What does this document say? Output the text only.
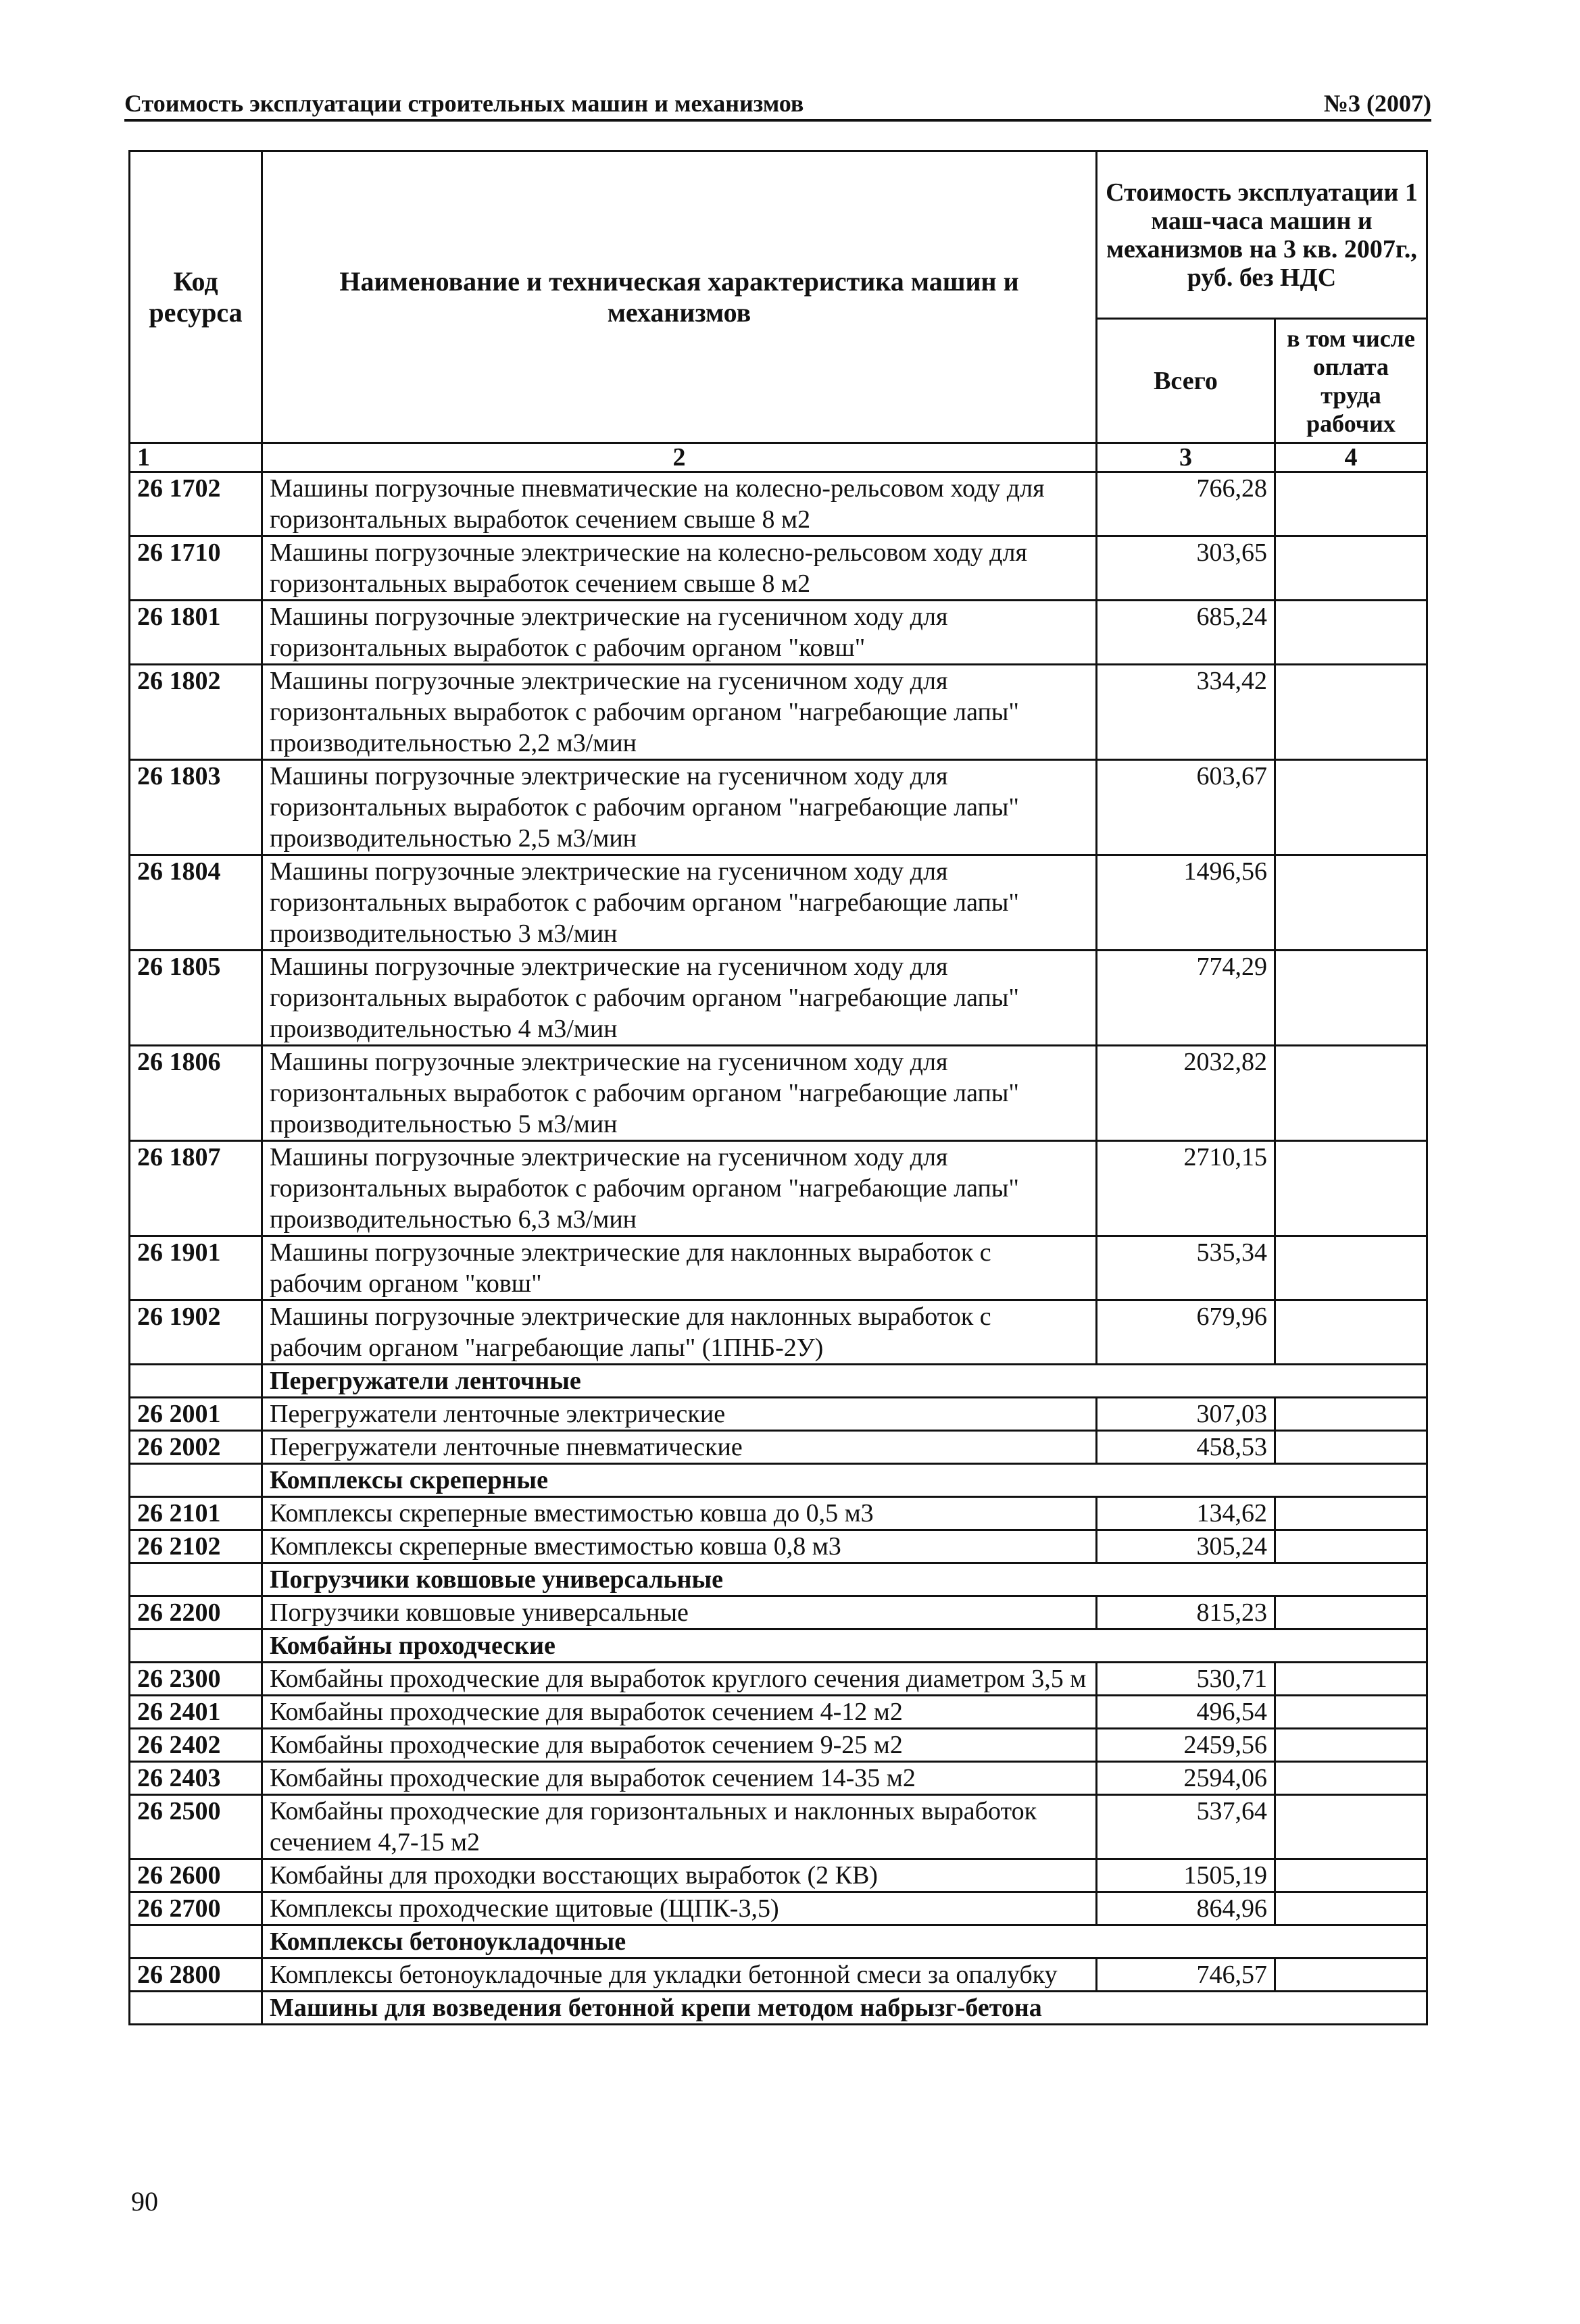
Стоимость эксплуатации строительных машин и механизмов	№3 (2007)
Код ресурса	Наименование и техническая характеристика машин и механизмов	Стоимость эксплуатации 1 маш-часа машин и механизмов на 3 кв. 2007г., руб. без НДС	
		Всего	в том числе оплата труда рабочих
1	2	3	4
26 1702	Машины погрузочные пневматические на колесно-рельсовом ходу для горизонтальных выработок сечением свыше 8 м2	766,28	
26 1710	Машины погрузочные электрические на колесно-рельсовом ходу для горизонтальных выработок сечением свыше 8 м2	303,65	
26 1801	Машины погрузочные электрические на гусеничном ходу для горизонтальных выработок с рабочим органом "ковш"	685,24	
26 1802	Машины погрузочные электрические на гусеничном ходу для горизонтальных выработок с рабочим органом "нагребающие лапы" производительностью 2,2 м3/мин	334,42	
26 1803	Машины погрузочные электрические на гусеничном ходу для горизонтальных выработок с рабочим органом "нагребающие лапы" производительностью 2,5 м3/мин	603,67	
26 1804	Машины погрузочные электрические на гусеничном ходу для горизонтальных выработок с рабочим органом "нагребающие лапы" производительностью 3 м3/мин	1496,56	
26 1805	Машины погрузочные электрические на гусеничном ходу для горизонтальных выработок с рабочим органом "нагребающие лапы" производительностью 4 м3/мин	774,29	
26 1806	Машины погрузочные электрические на гусеничном ходу для горизонтальных выработок с рабочим органом "нагребающие лапы" производительностью 5 м3/мин	2032,82	
26 1807	Машины погрузочные электрические на гусеничном ходу для горизонтальных выработок с рабочим органом "нагребающие лапы" производительностью 6,3 м3/мин	2710,15	
26 1901	Машины погрузочные электрические для наклонных выработок с рабочим органом "ковш"	535,34	
26 1902	Машины погрузочные электрические для наклонных выработок с рабочим органом "нагребающие лапы" (1ПНБ-2У)	679,96	
	Перегружатели ленточные		
26 2001	Перегружатели ленточные электрические	307,03	
26 2002	Перегружатели ленточные пневматические	458,53	
	Комплексы скреперные		
26 2101	Комплексы скреперные вместимостью ковша до 0,5 м3	134,62	
26 2102	Комплексы скреперные вместимостью ковша 0,8 м3	305,24	
	Погрузчики ковшовые универсальные		
26 2200	Погрузчики ковшовые универсальные	815,23	
	Комбайны проходческие		
26 2300	Комбайны проходческие для выработок круглого сечения диаметром 3,5 м	530,71	
26 2401	Комбайны проходческие для выработок сечением 4-12 м2	496,54	
26 2402	Комбайны проходческие для выработок сечением 9-25 м2	2459,56	
26 2403	Комбайны проходческие для выработок сечением 14-35 м2	2594,06	
26 2500	Комбайны проходческие для горизонтальных и наклонных выработок сечением 4,7-15 м2	537,64	
26 2600	Комбайны для проходки восстающих выработок (2 КВ)	1505,19	
26 2700	Комплексы проходческие щитовые (ЩПК-3,5)	864,96	
	Комплексы бетоноукладочные		
26 2800	Комплексы бетоноукладочные для укладки бетонной смеси за опалубку	746,57	
	Машины для возведения бетонной крепи методом набрызг-бетона		
90
